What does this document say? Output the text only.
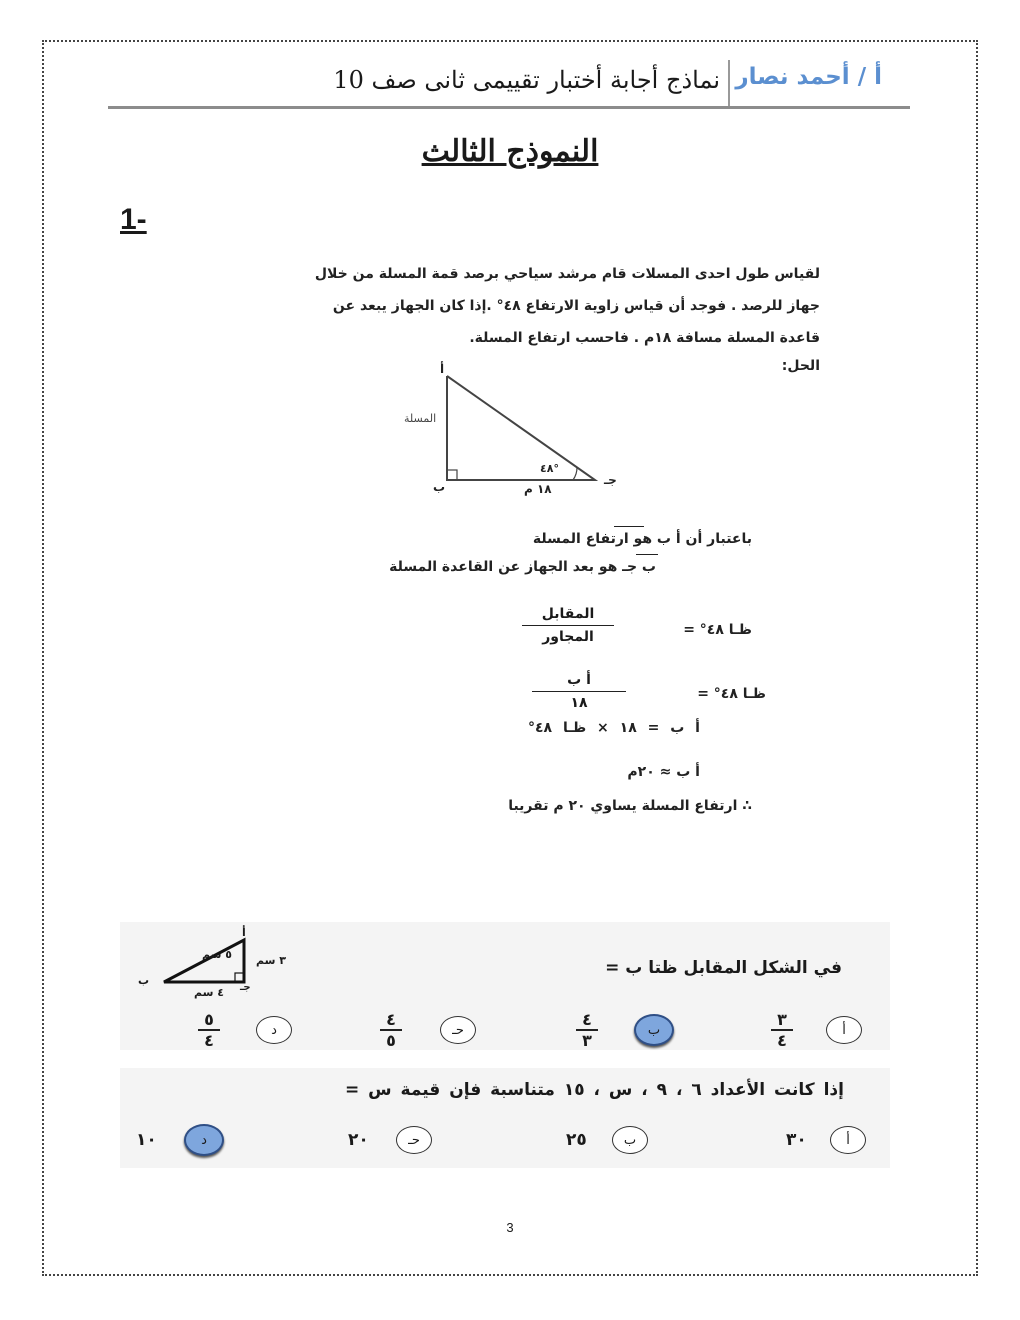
أ / أحمد نصار
نماذج أجابة أختبار تقييمى ثانى صف 10
النموذج الثالث
1-
لقياس طول احدى المسلات قام مرشد سياحي برصد قمة المسلة من خلال
جهاز للرصد . فوجد أن قياس زاوية الارتفاع ٤٨° .إذا كان الجهاز يبعد عن
قاعدة المسلة مسافة ١٨م . فاحسب ارتفاع المسلة.
الحل:
أ
ب	جـ
المسلة
١٨ م
٤٨°
باعتبار أن أ ب هو ارتفاع المسلة
ب جـ هو بعد الجهاز عن القاعدة المسلة
ظـا ٤٨° =
المقابل
المجاور
ظـا ٤٨° =
أ ب
١٨
أ ب = ١٨ × ظـا ٤٨°
أ ب ≈ ٢٠م
∴ ارتفاع المسلة يساوي ٢٠ م تقريبا
أ
ب
جـ
٥ سم	٣ سم
٤ سم
في الشكل المقابل ظتا ب =
أ
٣
٤
ب
٤
٣
حـ
٤
٥
د
٥
٤
إذا كانت الأعداد ٦ ، ٩ ، س ، ١٥ متناسبة فإن قيمة س =
أ
٣٠
ب
٢٥
حـ
٢٠
د
١٠
3
